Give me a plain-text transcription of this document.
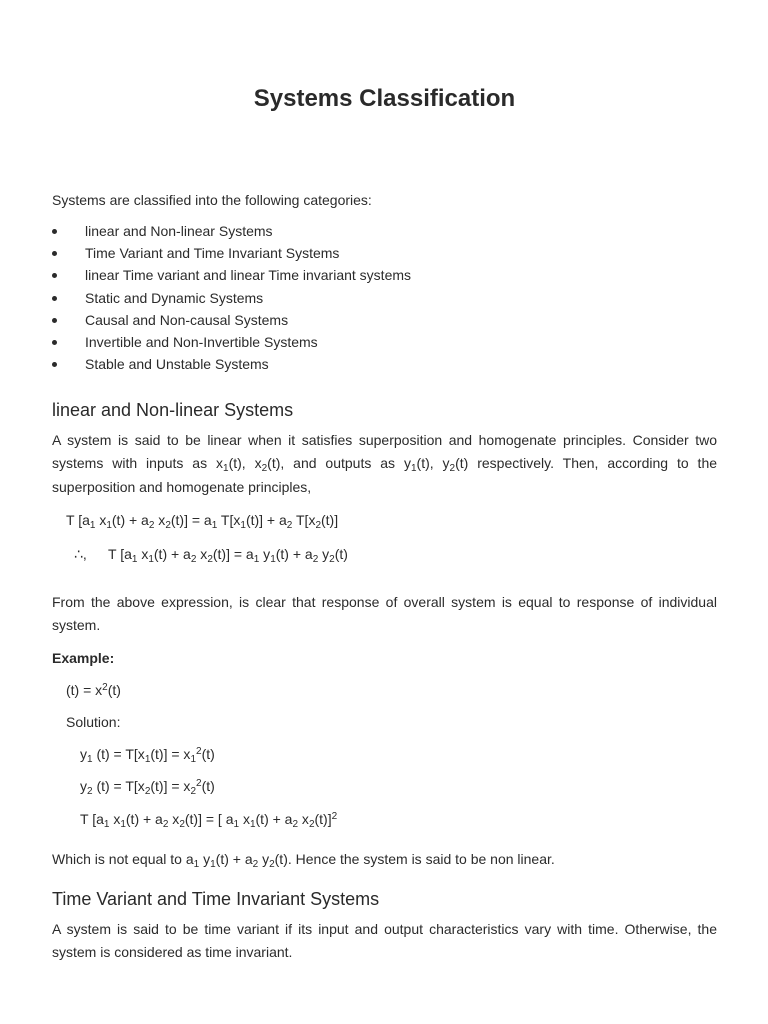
Systems Classification

Systems are classified into the following categories:

linear and Non-linear Systems
Time Variant and Time Invariant Systems
linear Time variant and linear Time invariant systems
Static and Dynamic Systems
Causal and Non-causal Systems
Invertible and Non-Invertible Systems
Stable and Unstable Systems
linear and Non-linear Systems

A system is said to be linear when it satisfies superposition and homogenate principles. Consider two systems with inputs as $x_1(t)$, $x_2(t)$, and outputs as $y_1(t)$, $y_2(t)$ respectively. Then, according to the superposition and homogenate principles,

T [$a_1$ $x_1(t) + a_2$ $x_2(t)] = a_1$ $T[x_1(t)] + a_2$ $T[x_2(t)]$

∴, T [$a_1$ $x_1(t) + a_2$ $x_2(t)] = a_1$ $y_1(t) + a_2$ $y_2(t)$

From the above expression, is clear that response of overall system is equal to response of individual system.

Example:

$(t) = x^2(t)$

Solution:

$y_1$ $(t) = T[x_1(t)] = x_1^2(t)$

$y_2$ $(t) = T[x_2(t)] = x_2^2(t)$

T [$a_1$ $x_1(t) + a_2$ $x_2(t)$] = [ $a_1$ $x_1(t) + a_2$ $x_2(t)]^2$

Which is not equal to $a_1$ $y_1(t) + a_2$ $y_2(t)$. Hence the system is said to be non linear.

Time Variant and Time Invariant Systems

A system is said to be time variant if its input and output characteristics vary with time. Otherwise, the system is considered as time invariant.
